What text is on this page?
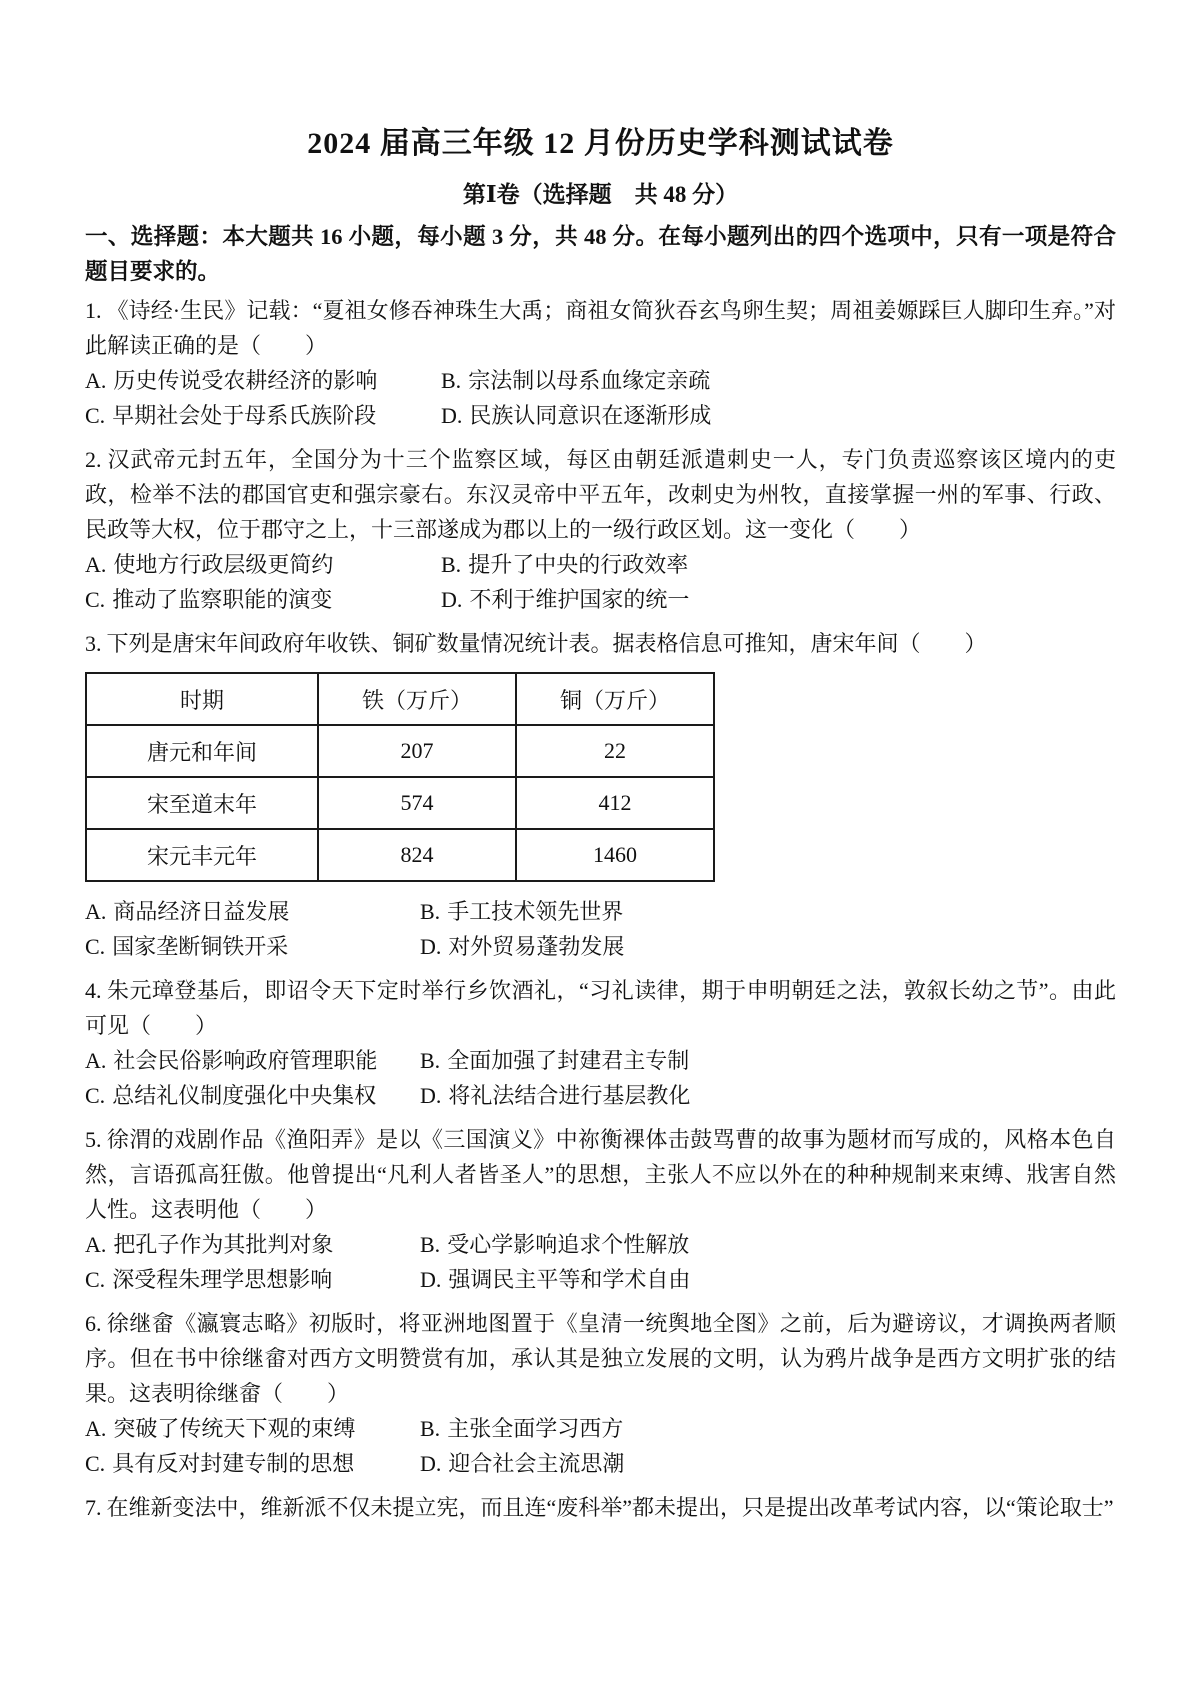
2024 届高三年级 12 月份历史学科测试试卷
第Ⅰ卷（选择题　共 48 分）

一、选择题：本大题共 16 小题，每小题 3 分，共 48 分。在每小题列出的四个选项中，只有一项是符合题目要求的。

1. 《诗经·生民》记载：“夏祖女修吞神珠生大禹；商祖女简狄吞玄鸟卵生契；周祖姜嫄踩巨人脚印生弃。”对此解读正确的是（　　）

A. 历史传说受农耕经济的影响	B. 宗法制以母系血缘定亲疏
C. 早期社会处于母系氏族阶段	D. 民族认同意识在逐渐形成

2. 汉武帝元封五年，全国分为十三个监察区域，每区由朝廷派遣刺史一人，专门负责巡察该区境内的吏政，检举不法的郡国官吏和强宗豪右。东汉灵帝中平五年，改刺史为州牧，直接掌握一州的军事、行政、民政等大权，位于郡守之上，十三部遂成为郡以上的一级行政区划。这一变化（　　）

A. 使地方行政层级更简约	B. 提升了中央的行政效率
C. 推动了监察职能的演变	D. 不利于维护国家的统一

3. 下列是唐宋年间政府年收铁、铜矿数量情况统计表。据表格信息可推知，唐宋年间（　　）

时期	铁（万斤）	铜（万斤）
唐元和年间	207	22
宋至道末年	574	412
宋元丰元年	824	1460
A. 商品经济日益发展	B. 手工技术领先世界
C. 国家垄断铜铁开采	D. 对外贸易蓬勃发展

4. 朱元璋登基后，即诏令天下定时举行乡饮酒礼，“习礼读律，期于申明朝廷之法，敦叙长幼之节”。由此可见（　　）

A. 社会民俗影响政府管理职能	B. 全面加强了封建君主专制
C. 总结礼仪制度强化中央集权	D. 将礼法结合进行基层教化

5. 徐渭的戏剧作品《渔阳弄》是以《三国演义》中祢衡裸体击鼓骂曹的故事为题材而写成的，风格本色自然，言语孤高狂傲。他曾提出“凡利人者皆圣人”的思想，主张人不应以外在的种种规制来束缚、戕害自然人性。这表明他（　　）

A. 把孔子作为其批判对象	B. 受心学影响追求个性解放
C. 深受程朱理学思想影响	D. 强调民主平等和学术自由

6. 徐继畲《瀛寰志略》初版时，将亚洲地图置于《皇清一统舆地全图》之前，后为避谤议，才调换两者顺序。但在书中徐继畲对西方文明赞赏有加，承认其是独立发展的文明，认为鸦片战争是西方文明扩张的结果。这表明徐继畲（　　）

A. 突破了传统天下观的束缚	B. 主张全面学习西方
C. 具有反对封建专制的思想	D. 迎合社会主流思潮

7. 在维新变法中，维新派不仅未提立宪，而且连“废科举”都未提出，只是提出改革考试内容，以“策论取士”
